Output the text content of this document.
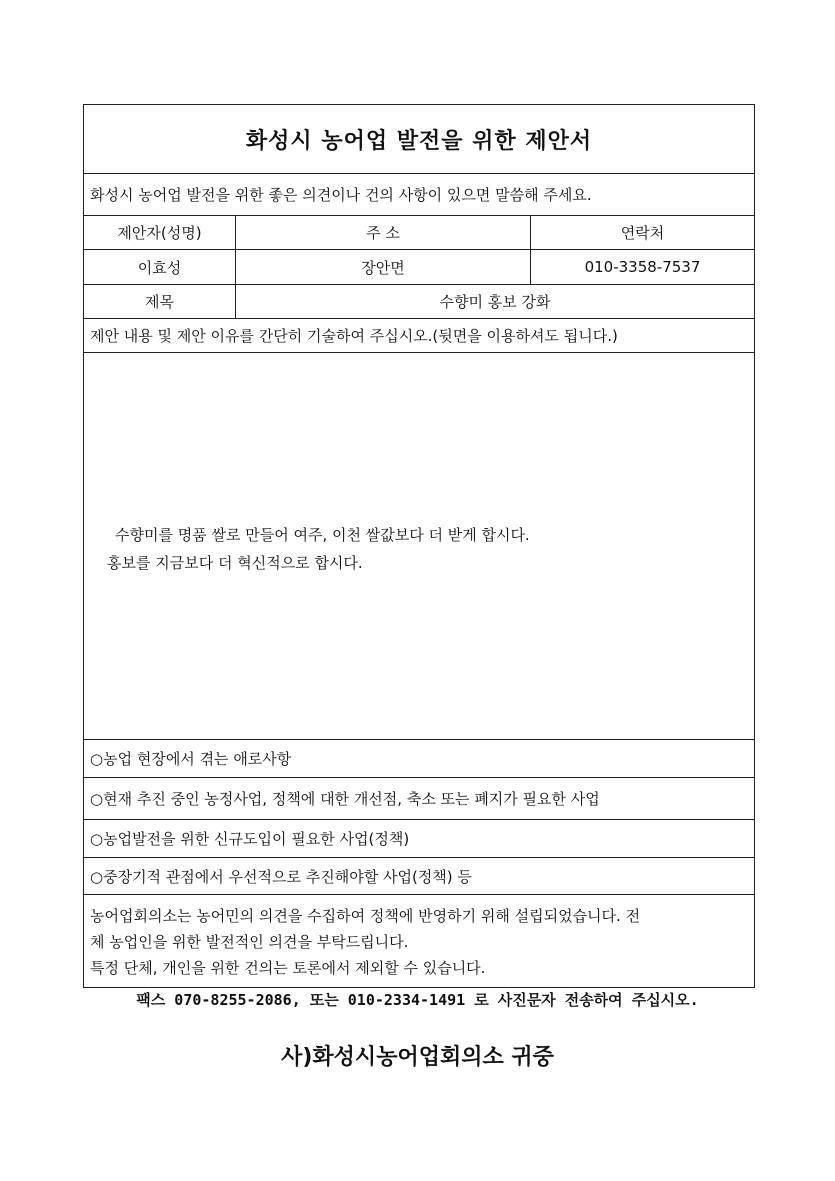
화성시 농어업 발전을 위한 제안서
화성시 농어업 발전을 위한 좋은 의견이나 건의 사항이 있으면 말씀해 주세요.
제안자(성명)	주 소	연락처
이효성	장안면	010-3358-7537
제목	수향미 홍보 강화
제안 내용 및 제안 이유를 간단히 기술하여 주십시오.(뒷면을 이용하셔도 됩니다.)
수향미를 명품 쌀로 만들어 여주, 이천 쌀값보다 더 받게 합시다.
홍보를 지금보다 더 혁신적으로 합시다.
○농업 현장에서 겪는 애로사항
○현재 추진 중인 농정사업, 정책에 대한 개선점, 축소 또는 폐지가 필요한 사업
○농업발전을 위한 신규도입이 필요한 사업(정책)
○중장기적 관점에서 우선적으로 추진해야할 사업(정책) 등
농어업회의소는 농어민의 의견을 수집하여 정책에 반영하기 위해 설립되었습니다. 전
체 농업인을 위한 발전적인 의견을 부탁드립니다.
특정 단체, 개인을 위한 건의는 토론에서 제외할 수 있습니다.
팩스 070-8255-2086, 또는 010-2334-1491 로 사진문자 전송하여 주십시오.
사)화성시농어업회의소 귀중
